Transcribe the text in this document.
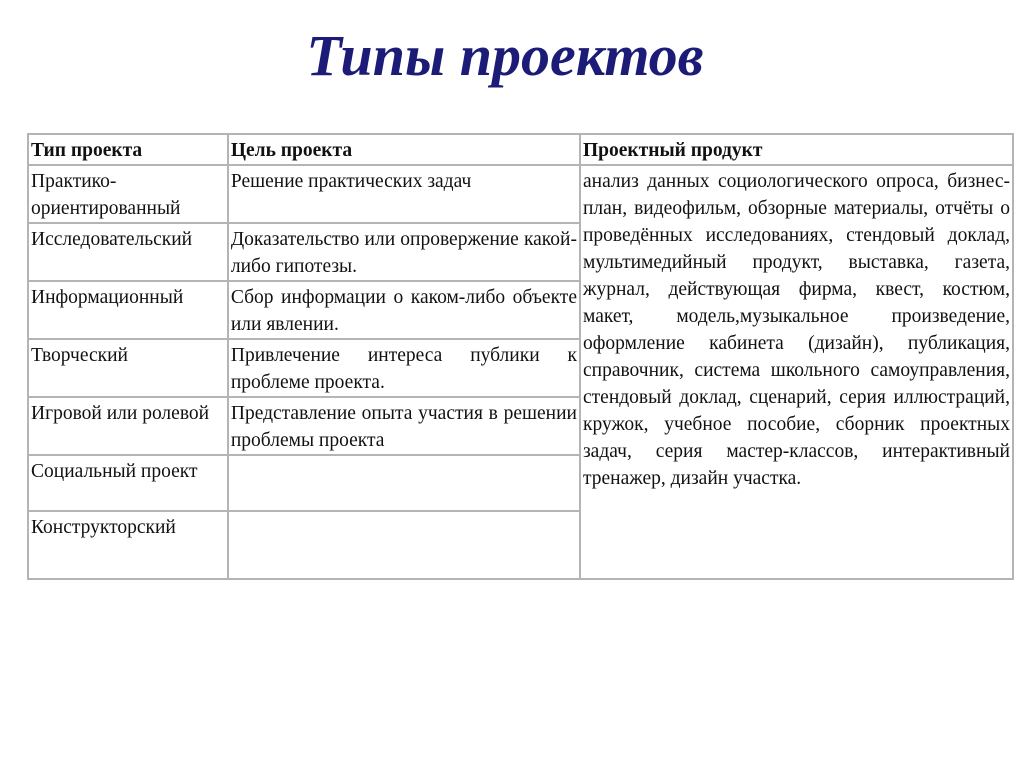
Типы проектов
Тип проекта	Цель проекта	Проектный продукт
Практико-ориентированный	Решение практических задач	анализ данных социологического опроса, бизнес-план, видеофильм, обзорные материалы, отчёты о проведённых исследованиях, стендовый доклад, мультимедийный продукт, выставка, газета, журнал, действующая фирма, квест, костюм, макет, модель,музыкальное произведение, оформление кабинета (дизайн), публикация, справочник, система школьного самоуправления, стендовый доклад, сценарий, серия иллюстраций, кружок, учебное пособие, сборник проектных задач, серия мастер-классов, интерактивный тренажер, дизайн участка.
Исследовательский	Доказательство или опровержение какой-либо гипотезы.	
Информационный	Сбор информации о каком-либо объекте или явлении.	
Творческий	Привлечение интереса публики к проблеме проекта.	
Игровой или ролевой	Представление опыта участия в решении проблемы проекта	
Социальный проект		
Конструкторский		
